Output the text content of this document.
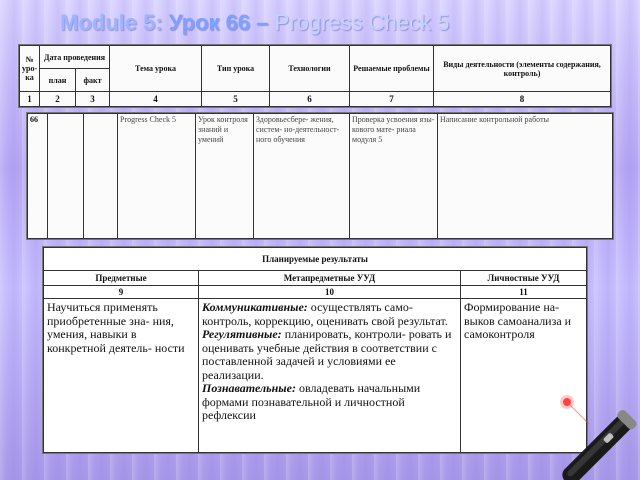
Module 5: Урок 66 – Progress Check 5
№ уро- ка	Дата проведения		Тема урока	Тип урока	Технологии	Решаемые проблемы	Виды деятельности (элементы содержания, контроль)
	план	факт					
1	2	3	4	5	6	7	8
66			Progress Check 5	Урок контроля знаний и умений	Здоровьесбере- жения, систем- но-деятельност- ного обучения	Проверка усвоения язы- кового мате- риала модуля 5	Написание контрольной работы
Планируемые результаты		
Предметные	Метапредметные УУД	Личностные УУД
9	10	11
Научиться применять приобретенные зна- ния, умения, навыки в конкретной деятель- ности	Коммуникативные: осуществлять само- контроль, коррекцию, оценивать свой результат.
Регулятивные: планировать, контроли- ровать и оценивать учебные действия в соответствии с поставленной задачей и условиями ее реализации.
Познавательные: овладевать начальными формами познавательной и личностной рефлексии	Формирование на- выков самоанализа и самоконтроля
